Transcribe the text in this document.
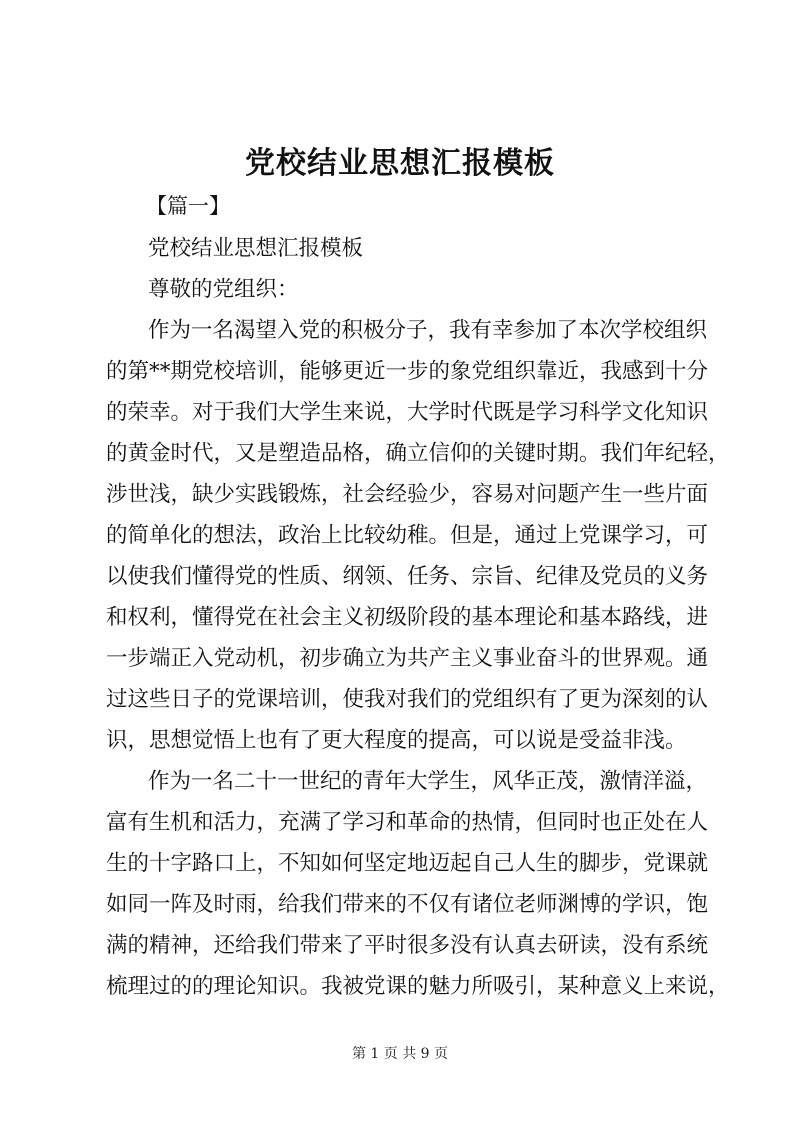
党校结业思想汇报模板
【篇一】
党校结业思想汇报模板
尊敬的党组织：
作为一名渴望入党的积极分子，我有幸参加了本次学校组织
的第**期党校培训，能够更近一步的象党组织靠近，我感到十分
的荣幸。对于我们大学生来说，大学时代既是学习科学文化知识
的黄金时代，又是塑造品格，确立信仰的关键时期。我们年纪轻，
涉世浅，缺少实践锻炼，社会经验少，容易对问题产生一些片面
的简单化的想法，政治上比较幼稚。但是，通过上党课学习，可
以使我们懂得党的性质、纲领、任务、宗旨、纪律及党员的义务
和权利，懂得党在社会主义初级阶段的基本理论和基本路线，进
一步端正入党动机，初步确立为共产主义事业奋斗的世界观。通
过这些日子的党课培训，使我对我们的党组织有了更为深刻的认
识，思想觉悟上也有了更大程度的提高，可以说是受益非浅。
作为一名二十一世纪的青年大学生，风华正茂，激情洋溢，
富有生机和活力，充满了学习和革命的热情，但同时也正处在人
生的十字路口上，不知如何坚定地迈起自己人生的脚步，党课就
如同一阵及时雨，给我们带来的不仅有诸位老师渊博的学识，饱
满的精神，还给我们带来了平时很多没有认真去研读，没有系统
梳理过的的理论知识。我被党课的魅力所吸引，某种意义上来说，
第 1 页 共 9 页
